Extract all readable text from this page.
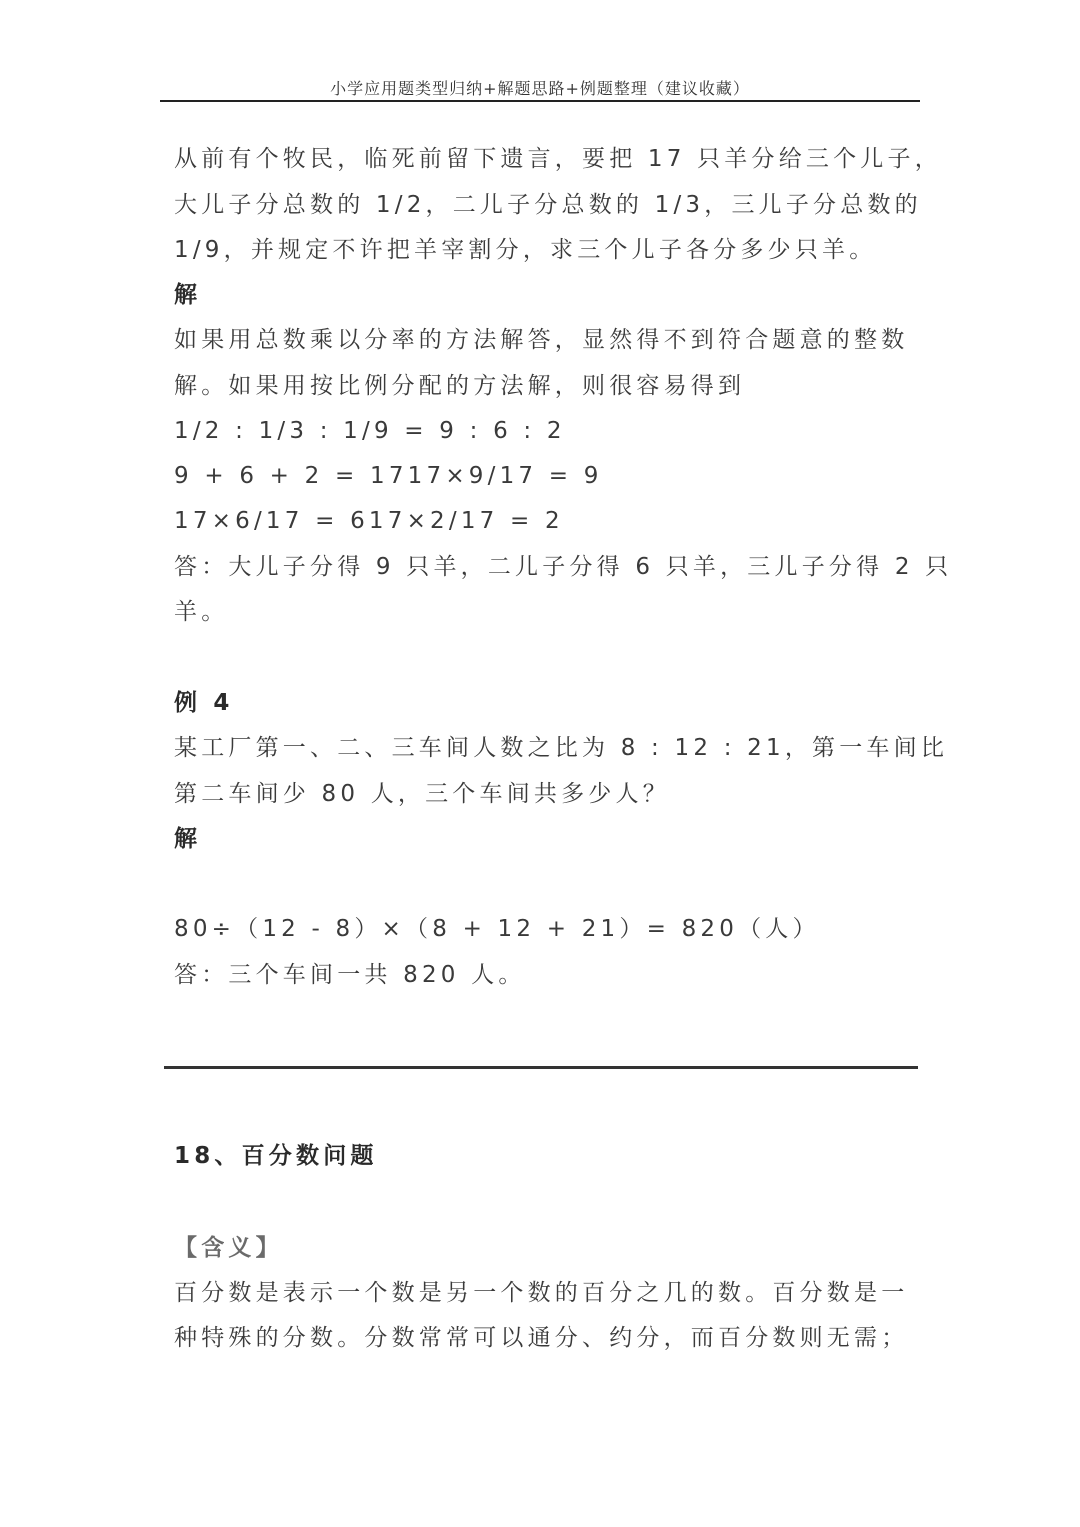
小学应用题类型归纳+解题思路+例题整理（建议收藏）
从前有个牧民，临死前留下遗言，要把 17 只羊分给三个儿子，
大儿子分总数的 1/2，二儿子分总数的 1/3，三儿子分总数的
1/9，并规定不许把羊宰割分，求三个儿子各分多少只羊。
解
如果用总数乘以分率的方法解答，显然得不到符合题意的整数
解。如果用按比例分配的方法解，则很容易得到
1/2 : 1/3 : 1/9 = 9 : 6 : 2
9 + 6 + 2 = 1717×9/17 = 9
17×6/17 = 617×2/17 = 2
答：大儿子分得 9 只羊，二儿子分得 6 只羊，三儿子分得 2 只
羊。
例 4
某工厂第一、二、三车间人数之比为 8 : 12 : 21，第一车间比
第二车间少 80 人，三个车间共多少人？
解
80÷（12 - 8）×（8 + 12 + 21）= 820（人）
答：三个车间一共 820 人。
18、百分数问题
【含义】
百分数是表示一个数是另一个数的百分之几的数。百分数是一
种特殊的分数。分数常常可以通分、约分，而百分数则无需；
